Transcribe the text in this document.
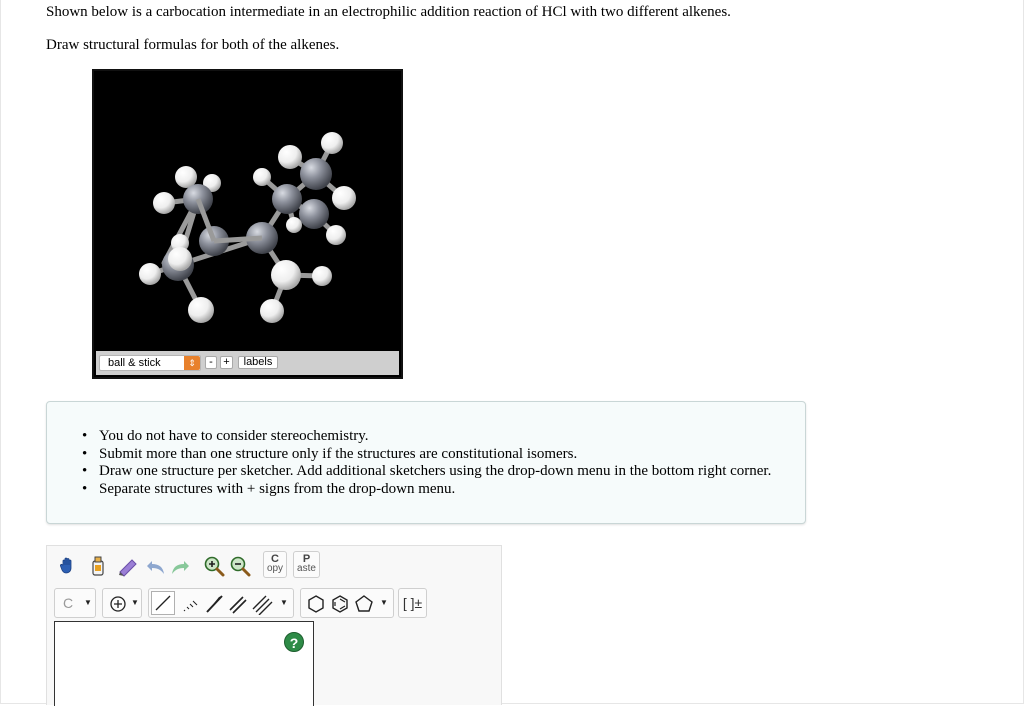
Shown below is a carbocation intermediate in an electrophilic addition reaction of HCl with two different alkenes.
Draw structural formulas for both of the alkenes.
ball & stick	⇕	- +	labels
• You do not have to consider stereochemistry.
• Submit more than one structure only if the structures are constitutional isomers.
• Draw one structure per sketcher. Add additional sketchers using the drop-down menu in the bottom right corner.
• Separate structures with + signs from the drop-down menu.
C
opy
P
aste
C ▼	▼	▼	▼	[ ]±
?
